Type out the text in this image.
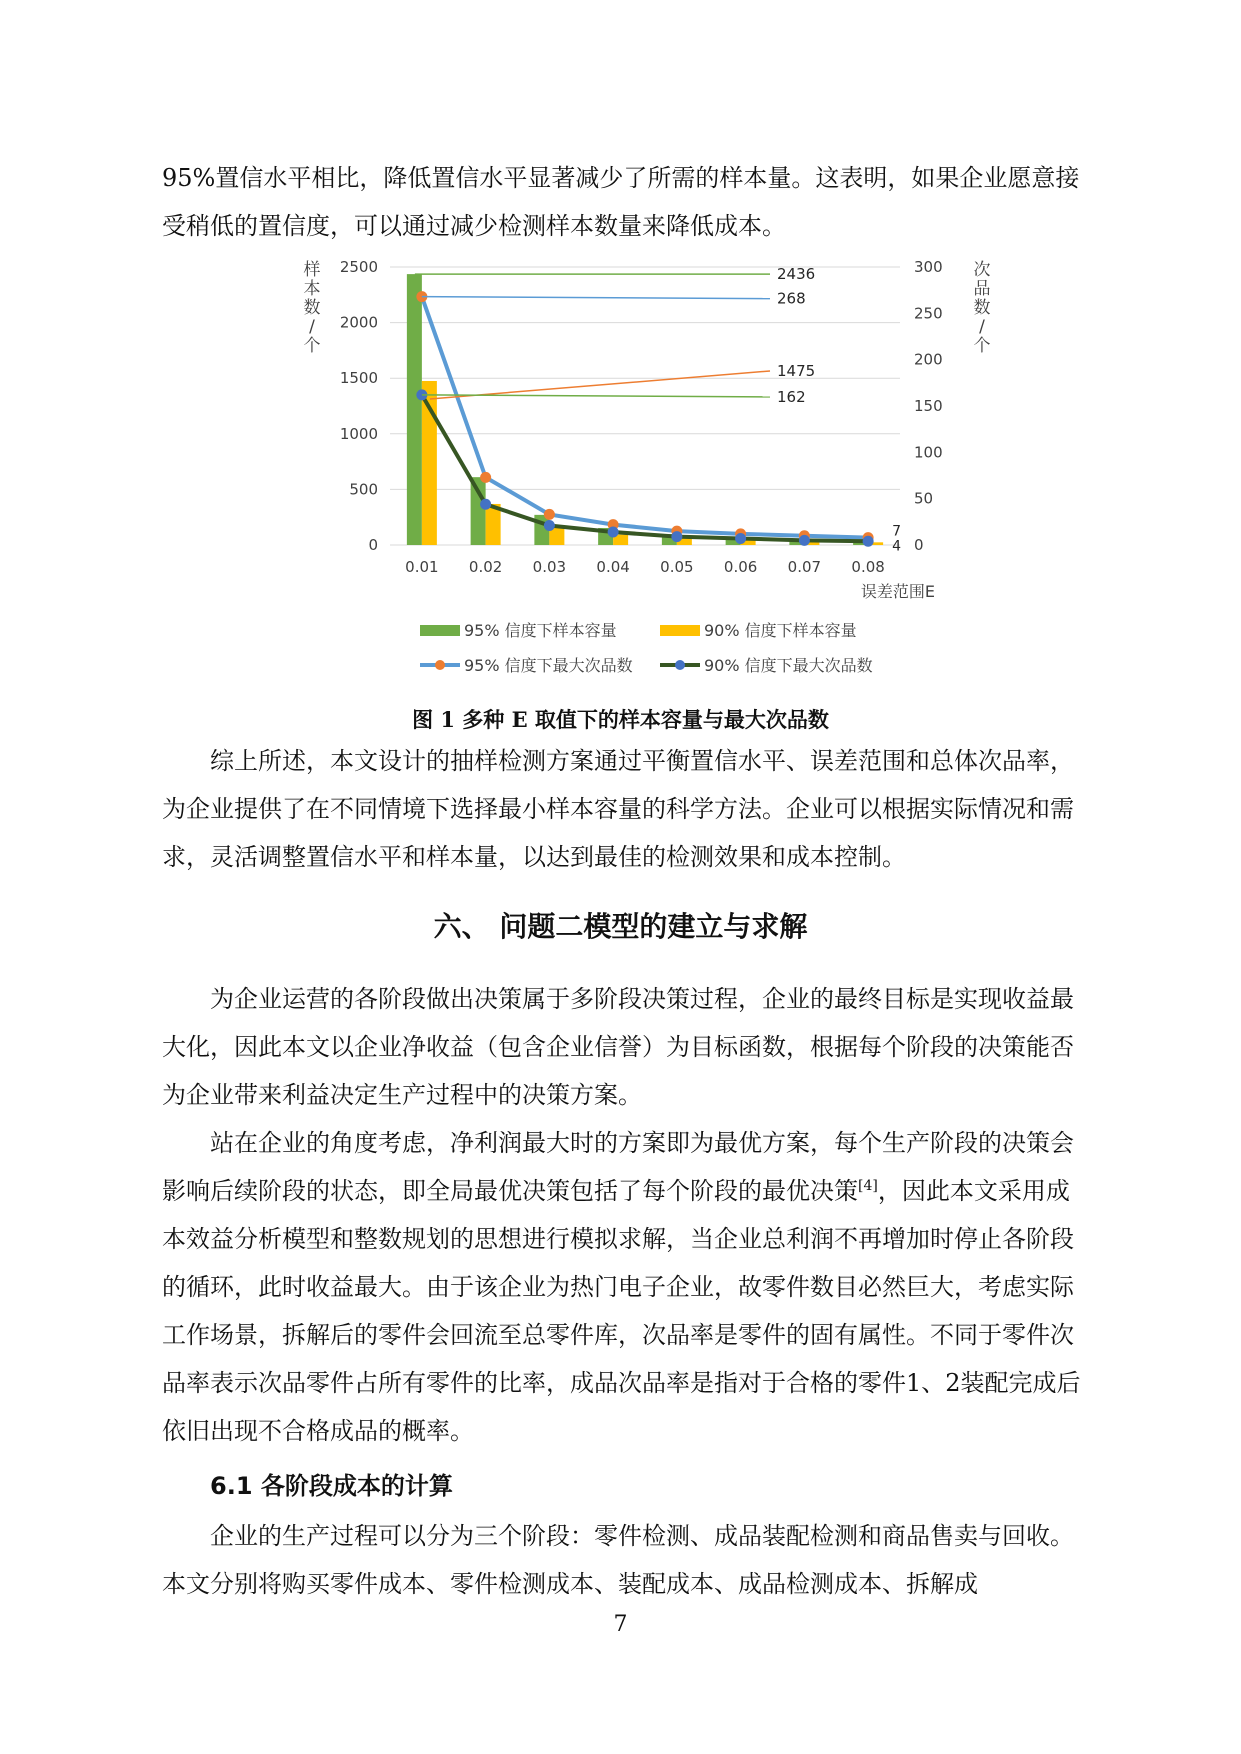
95%置信水平相比，降低置信水平显著减少了所需的样本量。这表明，如果企业愿意接受稍低的置信度，可以通过减少检测样本数量来降低成本。

0
500
1000
1500
2000
2500
0
50
100
150
200
250
300
0.01 0.02 0.03 0.04 0.05 0.06 0.07 0.08
误差范围E
样
本
数
/
个
次
品
数
/
个
2436
268
1475
162
7
4
95% 信度下样本容量	90% 信度下样本容量
95% 信度下最大次品数	90% 信度下最大次品数

图 1 多种 E 取值下的样本容量与最大次品数

综上所述，本文设计的抽样检测方案通过平衡置信水平、误差范围和总体次品率，为企业提供了在不同情境下选择最小样本容量的科学方法。企业可以根据实际情况和需求，灵活调整置信水平和样本量，以达到最佳的检测效果和成本控制。

六、 问题二模型的建立与求解

为企业运营的各阶段做出决策属于多阶段决策过程，企业的最终目标是实现收益最大化，因此本文以企业净收益（包含企业信誉）为目标函数，根据每个阶段的决策能否为企业带来利益决定生产过程中的决策方案。

站在企业的角度考虑，净利润最大时的方案即为最优方案，每个生产阶段的决策会影响后续阶段的状态，即全局最优决策包括了每个阶段的最优决策[4]，因此本文采用成本效益分析模型和整数规划的思想进行模拟求解，当企业总利润不再增加时停止各阶段的循环，此时收益最大。由于该企业为热门电子企业，故零件数目必然巨大，考虑实际工作场景，拆解后的零件会回流至总零件库，次品率是零件的固有属性。不同于零件次品率表示次品零件占所有零件的比率，成品次品率是指对于合格的零件1、2装配完成后依旧出现不合格成品的概率。

6.1 各阶段成本的计算

企业的生产过程可以分为三个阶段：零件检测、成品装配检测和商品售卖与回收。本文分别将购买零件成本、零件检测成本、装配成本、成品检测成本、拆解成

7
